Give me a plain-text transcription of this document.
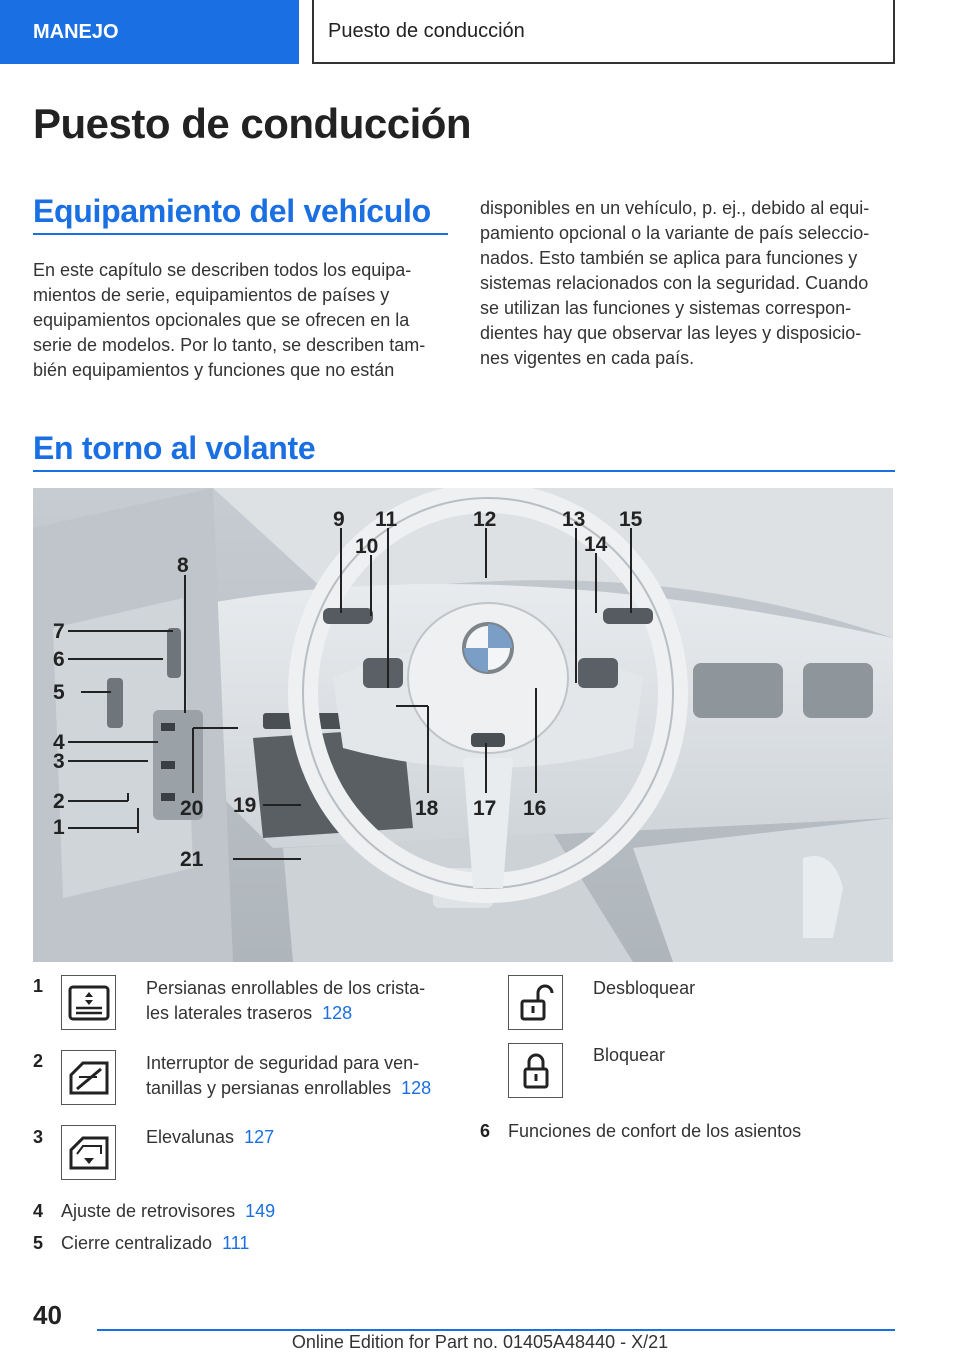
MANEJO	Puesto de conducción
Puesto de conducción
Equipamiento del vehículo
En este capítulo se describen todos los equipa-
mientos de serie, equipamientos de países y
equipamientos opcionales que se ofrecen en la
serie de modelos. Por lo tanto, se describen tam-
bién equipamientos y funciones que no están
disponibles en un vehículo, p. ej., debido al equi-
pamiento opcional o la variante de país seleccio-
nados. Esto también se aplica para funciones y
sistemas relacionados con la seguridad. Cuando
se utilizan las funciones y sistemas correspon-
dientes hay que observar las leyes y disposicio-
nes vigentes en cada país.
En torno al volante
1
2
3
4
5
6
7
8
9
10
11	12	13
14
15
16
17
18
19
20
21
1	Persianas enrollables de los crista-
les laterales traseros 128
2	Interruptor de seguridad para ven-
tanillas y persianas enrollables 128
3	Elevalunas 127
4 Ajuste de retrovisores 149
5 Cierre centralizado 111
Desbloquear
Bloquear
6 Funciones de confort de los asientos
40
Online Edition for Part no. 01405A48440 - X/21
